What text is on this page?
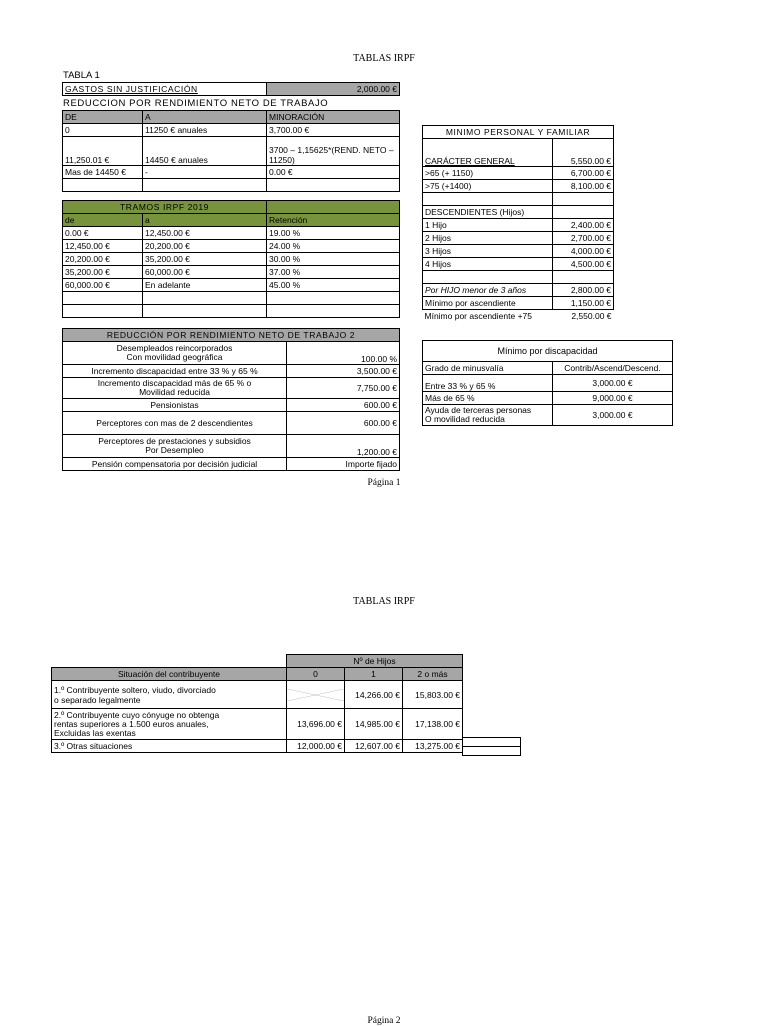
TABLAS IRPF
TABLA 1
GASTOS SIN JUSTIFICACIÓN	2,000.00 €
REDUCCION POR RENDIMIENTO NETO DE TRABAJO
DE	A	MINORACIÓN
0	11250 € anuales	3,700.00 €
11,250.01 €	14450 € anuales	3700 – 1,15625*(REND. NETO – 11250)
Mas de 14450 €	-	0.00 €

TRAMOS IRPF 2019		
de	a	Retención
0.00 €	12,450.00 €	19.00 %
12,450.00 €	20,200.00 €	24.00 %
20,200.00 €	35,200.00 €	30.00 %
35,200.00 €	60,000.00 €	37.00 %
60,000.00 €	En adelante	45.00 %

MINIMO PERSONAL Y FAMILIAR	
CARÁCTER GENERAL	5,550.00 €
>65 (+ 1150)	6,700.00 €
>75 (+1400)	8,100.00 €

DESCENDIENTES (Hijos)	
1 Hijo	2,400.00 €
2 Hijos	2,700.00 €
3 Hijos	4,000.00 €
4 Hijos	4,500.00 €

Por HIJO menor de 3 años	2,800.00 €
Mínimo por ascendiente	1,150.00 €
Mínimo por ascendiente +75	2,550.00 €
REDUCCIÓN POR RENDIMIENTO NETO DE TRABAJO 2	

Desempleados reincorporados
Con movilidad geográfica	100.00 %
Incremento discapacidad entre 33 % y 65 %	3,500.00 €

Incremento discapacidad más de 65 % o
Movilidad reducida	7,750.00 €
Pensionistas	600.00 €
Perceptores con mas de 2 descendientes	600.00 €

Perceptores de prestaciones y subsidios
Por Desempleo	1,200.00 €
Pensión compensatoria por decisión judicial	Importe fijado
Mínimo por discapacidad	
Grado de minusvalía	Contrib/Ascend/Descend.
Entre 33 % y 65 %	3,000.00 €
Más de 65 %	9,000.00 €

Ayuda de terceras personas
O movilidad reducida	3,000.00 €
Página 1
TABLAS IRPF
	Nº de Hijos		
Situación del contribuyente	0	1	2 o más

1.º Contribuyente soltero, viudo, divorciado
o separado legalmente		14,266.00 €	15,803.00 €

2.º Contribuyente cuyo cónyuge no obtenga
rentas superiores a 1.500 euros anuales,
Excluidas las exentas	13,696.00 €	14,985.00 €	17,138.00 €
3.º Otras situaciones	12,000.00 €	12,607.00 €	13,275.00 €

Página 2
